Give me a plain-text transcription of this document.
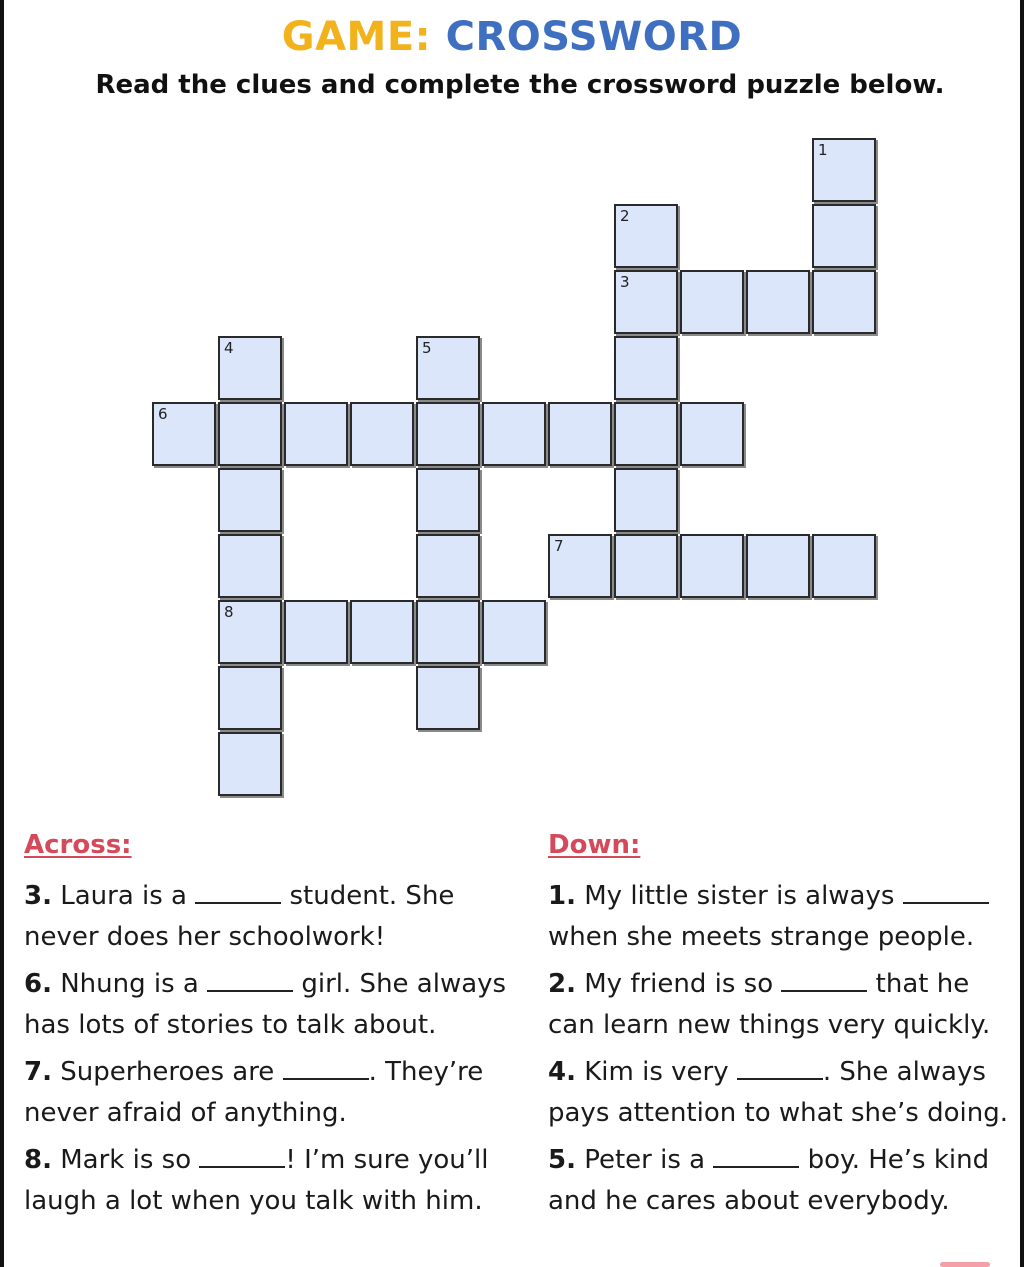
GAME: CROSSWORD
Read the clues and complete the crossword puzzle below.
1
2
3
4	5
6
7
8
Across:	Down:
3. Laura is a	student. She never does her schoolwork!
6. Nhung is a	girl. She always has lots of stories to talk about.
7. Superheroes are	. They’re never afraid of anything.
8. Mark is so	! I’m sure you’ll laugh a lot when you talk with him.
1. My little sister is always  when she meets strange people.
2. My friend is so	that he can learn new things very quickly.
4. Kim is very	. She always pays attention to what she’s doing.
5. Peter is a	boy. He’s kind and he cares about everybody.
